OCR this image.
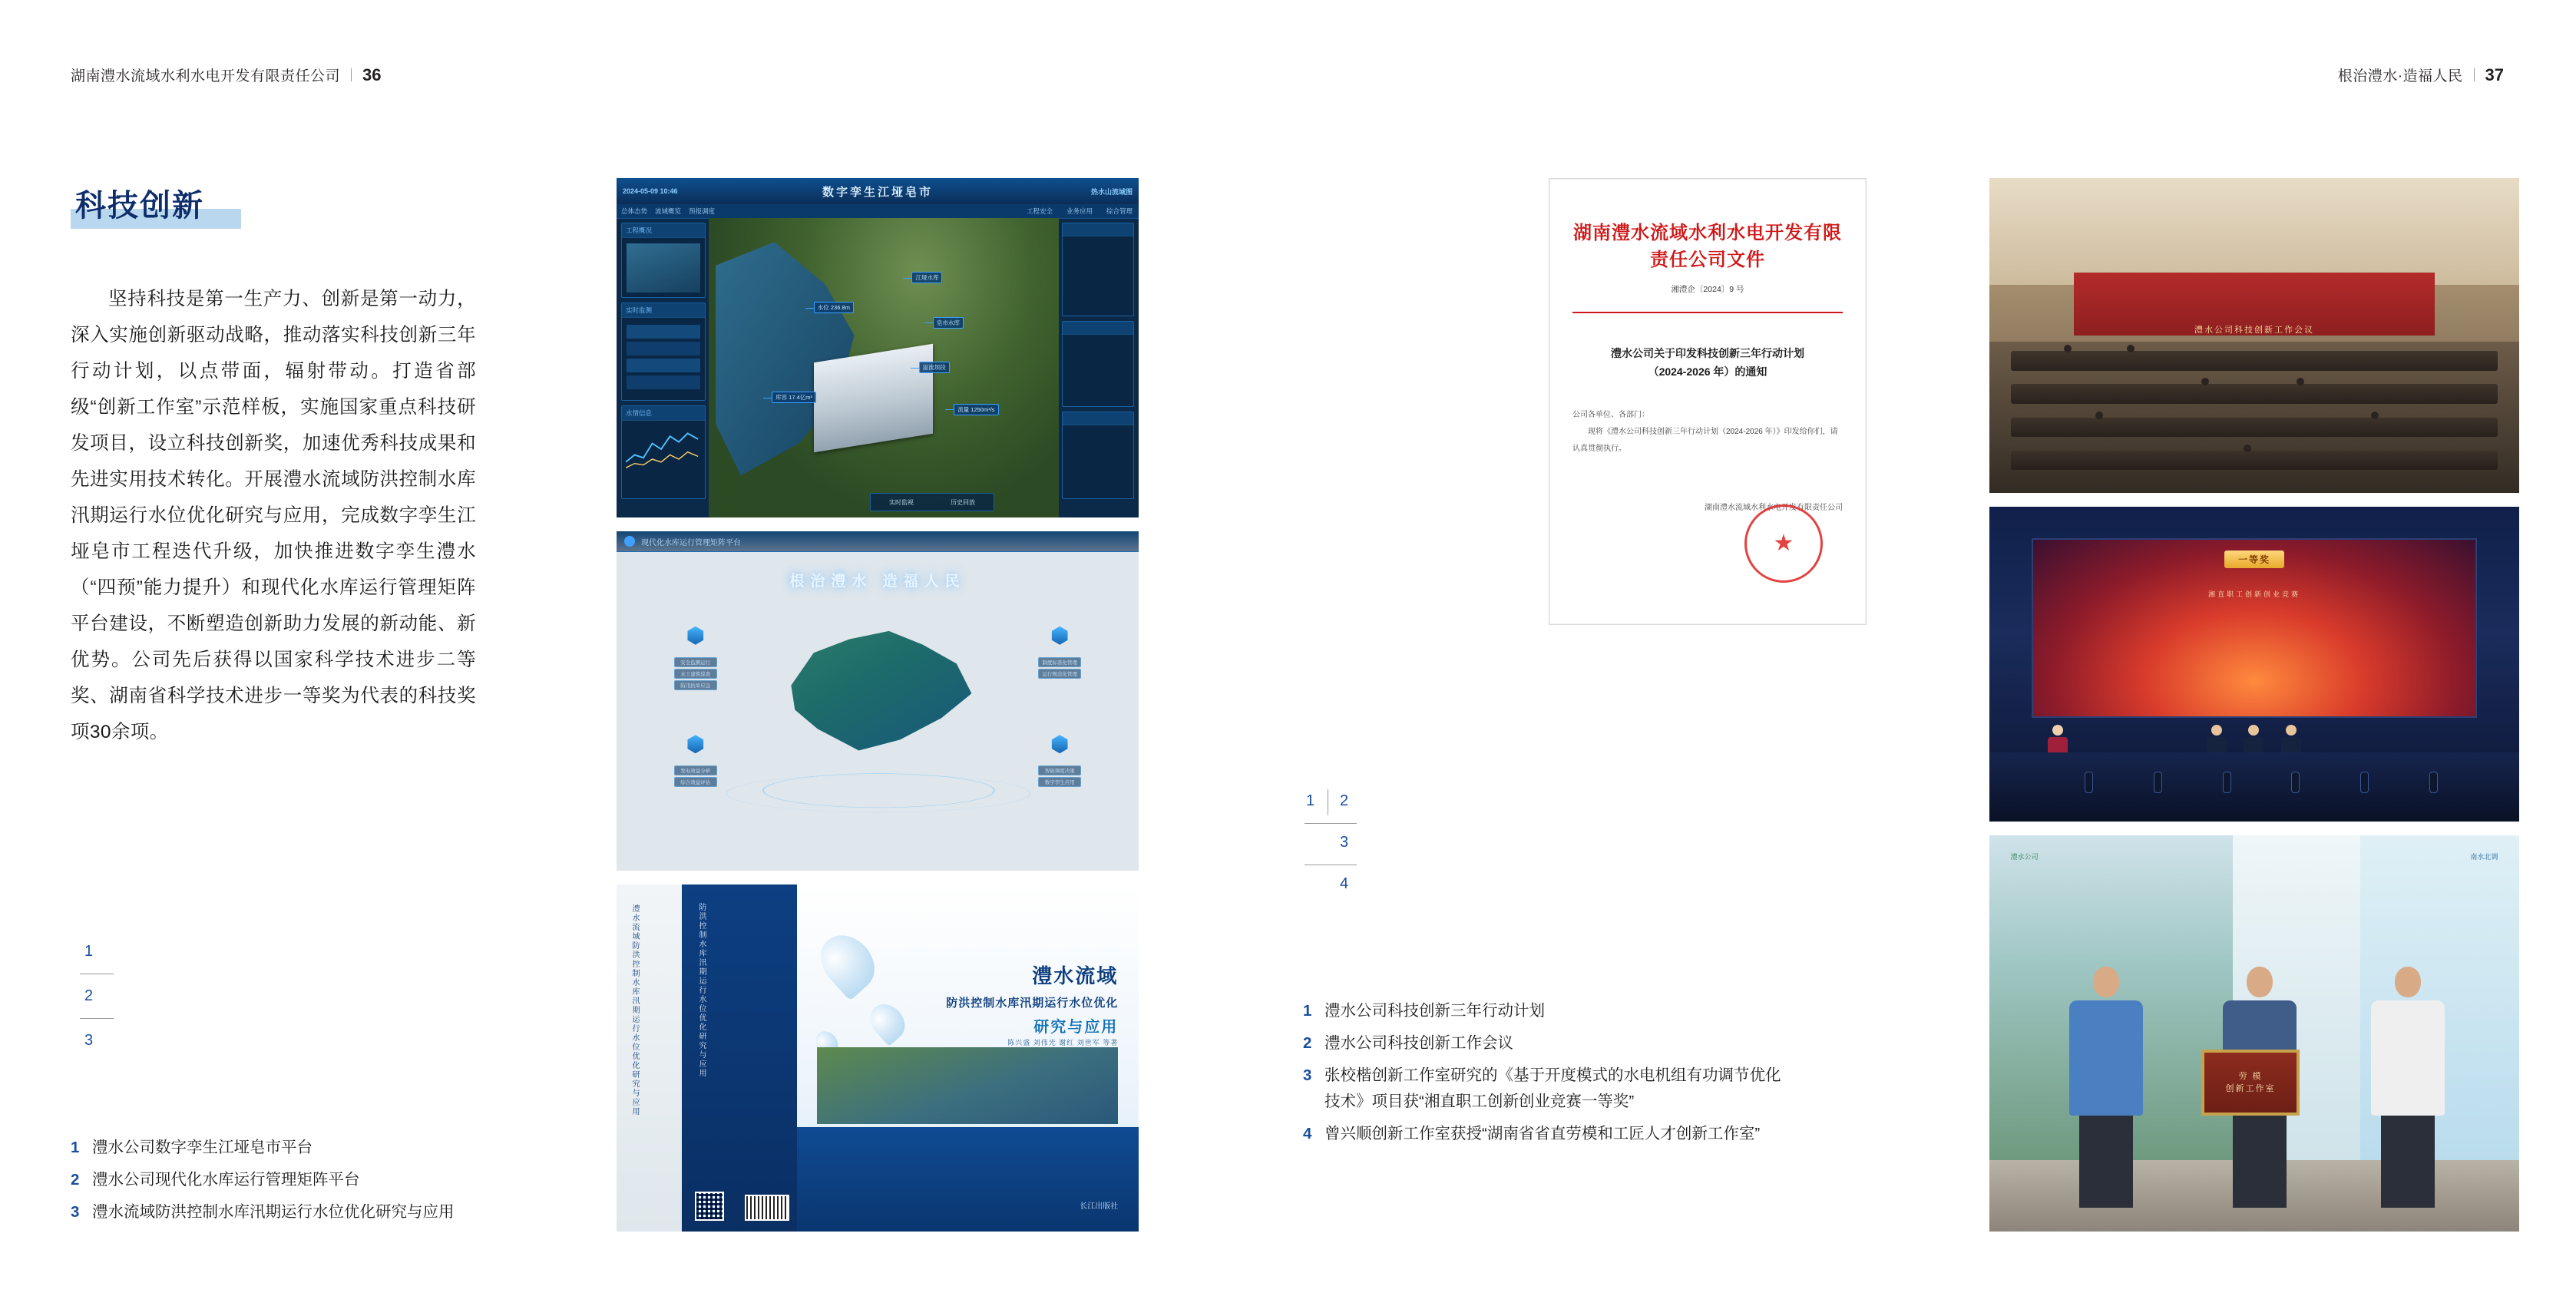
湖南澧水流域水利水电开发有限责任公司 36
科技创新

坚持科技是第一生产力、创新是第一动力，深入实施创新驱动战略，推动落实科技创新三年行动计划，以点带面，辐射带动。打造省部级“创新工作室”示范样板，实施国家重点科技研发项目，设立科技创新奖，加速优秀科技成果和先进实用技术转化。开展澧水流域防洪控制水库汛期运行水位优化研究与应用，完成数字孪生江垭皂市工程迭代升级，加快推进数字孪生澧水（“四预”能力提升）和现代化水库运行管理矩阵平台建设，不断塑造创新助力发展的新动能、新优势。公司先后获得以国家科学技术进步二等奖、湖南省科学技术进步一等奖为代表的科技奖项30余项。

1
2
3
1 澧水公司数字孪生江垭皂市平台
2 澧水公司现代化水库运行管理矩阵平台
3 澧水流域防洪控制水库汛期运行水位优化研究与应用
2024-05-09 10:46	数字孪生江垭皂市	热水山流域图
总体态势 流域概览 预报调度	工程安全 业务应用 综合管理
江垭水库
皂市水库
溢流坝段
水位 236.8m
流量 1250m³/s
库容 17.4亿m³
工程概况
实时监测
水情信息

实时监视	历史回放
现代化水库运行管理矩阵平台
根治澧水 造福人民
安全
安全监测运行
水工建筑巡查
防汛抗旱应急
管理
制度标准化管理
运行规范化管理
效益
发电效益分析
综合效益评估
创新
智能调度决策
数字孪生应用
澧水流域防洪控制水库汛期运行水位优化研究与应用	防洪控制水库汛期运行水位优化研究与应用	澧水流域
防洪控制水库汛期运行水位优化
研究与应用
陈兴盛 刘伟光 谢红 刘世军 等著
长江出版社
根治澧水·造福人民 37
1 2
3
4
1 澧水公司科技创新三年行动计划
2 澧水公司科技创新工作会议
3 张校楷创新工作室研究的《基于开度模式的水电机组有功调节优化技术》项目获“湘直职工创新创业竞赛一等奖”
4 曾兴顺创新工作室获授“湖南省省直劳模和工匠人才创新工作室”
湖南澧水流域水利水电开发有限责任公司文件
湘澧企〔2024〕9 号
澧水公司关于印发科技创新三年行动计划
（2024-2026 年）的通知
公司各单位、各部门：
现将《澧水公司科技创新三年行动计划（2024-2026 年）》印发给你们，请认真贯彻执行。
湖南澧水流域水利水电开发有限责任公司
★
澧水公司科技创新工作会议
一等奖
湘直职工创新创业竞赛
澧水公司	南水北调
劳 模
创新工作室
